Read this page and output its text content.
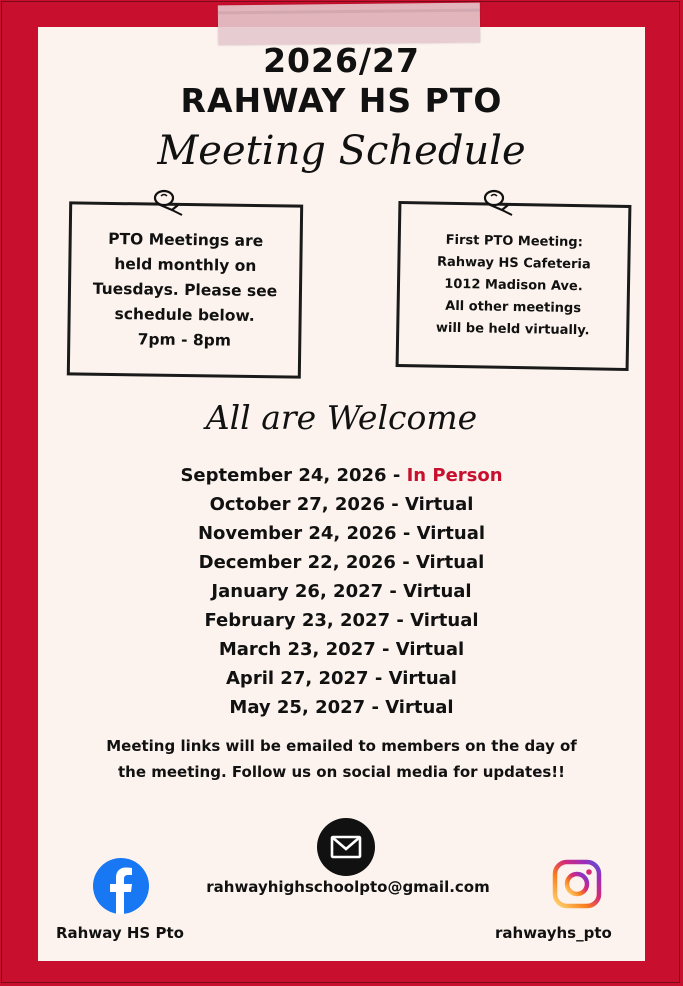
2026/27
RAHWAY HS PTO
Meeting Schedule
PTO Meetings are
held monthly on
Tuesdays. Please see
schedule below.
7pm - 8pm
First PTO Meeting:
Rahway HS Cafeteria
1012 Madison Ave.
All other meetings
will be held virtually.
All are Welcome
September 24, 2026 - In Person
October 27, 2026 - Virtual
November 24, 2026 - Virtual
December 22, 2026 - Virtual
January 26, 2027 - Virtual
February 23, 2027 - Virtual
March 23, 2027 - Virtual
April 27, 2027 - Virtual
May 25, 2027 - Virtual
Meeting links will be emailed to members on the day of
the meeting. Follow us on social media for updates!!
rahwayhighschoolpto@gmail.com
Rahway HS Pto	rahwayhs_pto
